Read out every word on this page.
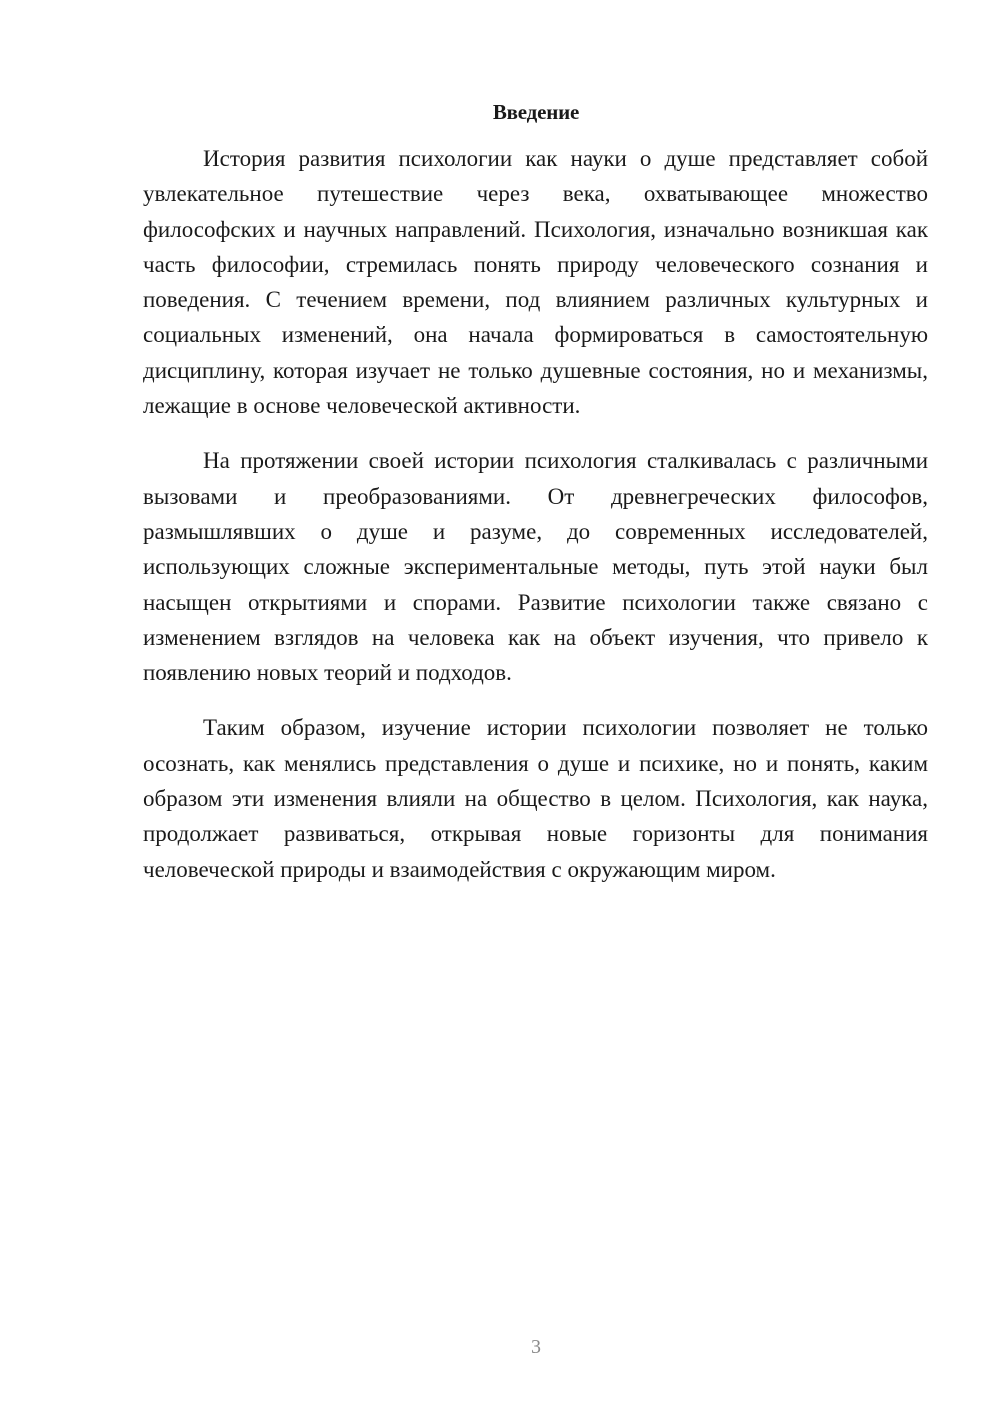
Введение

История развития психологии как науки о душе представляет собой увлекательное путешествие через века, охватывающее множество философских и научных направлений. Психология, изначально возникшая как часть философии, стремилась понять природу человеческого сознания и поведения. С течением времени, под влиянием различных культурных и социальных изменений, она начала формироваться в самостоятельную дисциплину, которая изучает не только душевные состояния, но и механизмы, лежащие в основе человеческой активности.

На протяжении своей истории психология сталкивалась с различными вызовами и преобразованиями. От древнегреческих философов, размышлявших о душе и разуме, до современных исследователей, использующих сложные экспериментальные методы, путь этой науки был насыщен открытиями и спорами. Развитие психологии также связано с изменением взглядов на человека как на объект изучения, что привело к появлению новых теорий и подходов.

Таким образом, изучение истории психологии позволяет не только осознать, как менялись представления о душе и психике, но и понять, каким образом эти изменения влияли на общество в целом. Психология, как наука, продолжает развиваться, открывая новые горизонты для понимания человеческой природы и взаимодействия с окружающим миром.

3
